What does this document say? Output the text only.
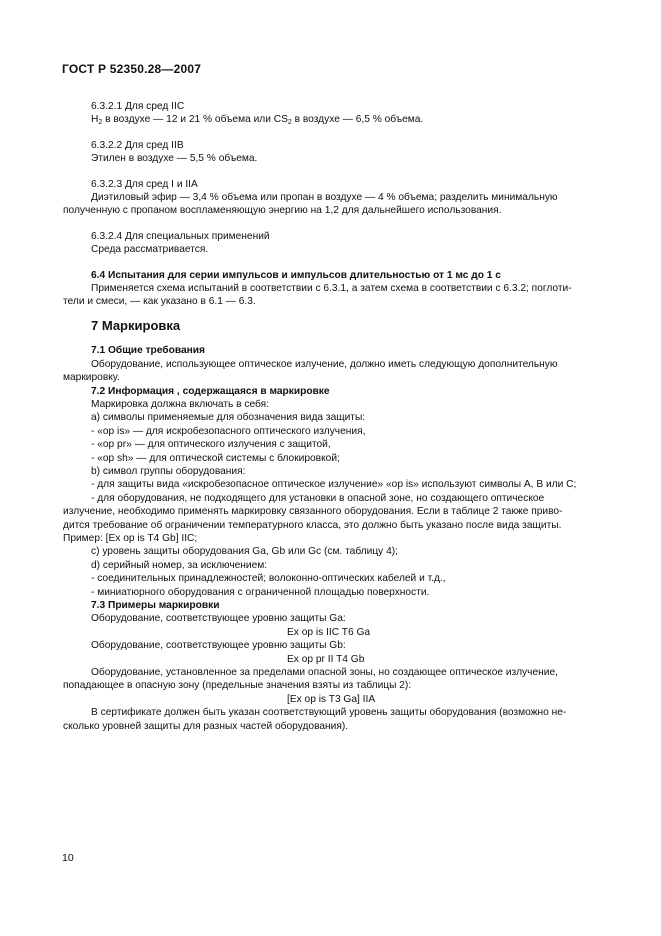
ГОСТ Р 52350.28—2007

6.3.2.1 Для сред IIC

$H_2$ в воздухе — 12 и 21 % объема или $CS_2$ в воздухе — 6,5 % объема.

6.3.2.2 Для сред IIB

Этилен в воздухе — 5,5 % объема.

6.3.2.3 Для сред I и IIA

Диэтиловый эфир — 3,4 % объема или пропан в воздухе — 4 % объема; разделить минимальную

полученную с пропаном воспламеняющую энергию на 1,2 для дальнейшего использования.

6.3.2.4 Для специальных применений

Среда рассматривается.

6.4 Испытания для серии импульсов и импульсов длительностью от 1 мс до 1 с

Применяется схема испытаний в соответствии с 6.3.1, а затем схема в соответствии с 6.3.2; поглоти-

тели и смеси, — как указано в 6.1 — 6.3.

7 Маркировка

7.1 Общие требования

Оборудование, использующее оптическое излучение, должно иметь следующую дополнительную

маркировку.

7.2 Информация , содержащаяся в маркировке

Маркировка должна включать в себя:

а) символы применяемые для обозначения вида защиты:

- «op is» — для искробезопасного оптического излучения,

- «op pr» — для оптического излучения с защитой,

- «op sh» — для оптической системы с блокировкой;

b) символ группы оборудования:

- для защиты вида «искробезопасное оптическое излучение» «op is» используют символы А, В или С;

- для оборудования, не подходящего для установки в опасной зоне, но создающего оптическое

излучение, необходимо применять маркировку связанного оборудования. Если в таблице 2 также приво-

дится требование об ограничении температурного класса, это должно быть указано после вида защиты.

Пример: [Ex op is T4 Gb] IIC;

с) уровень защиты оборудования Ga, Gb или Gc (см. таблицу 4);

d) серийный номер, за исключением:

- соединительных принадлежностей; волоконно-оптических кабелей и т.д.,

- миниатюрного оборудования с ограниченной площадью поверхности.

7.3 Примеры маркировки

Оборудование, соответствующее уровню защиты Ga:

Ex op is IIC T6 Ga

Оборудование, соответствующее уровню защиты Gb:

Ex op pr II T4 Gb

Оборудование, установленное за пределами опасной зоны, но создающее оптическое излучение,

попадающее в опасную зону (предельные значения взяты из таблицы 2):

[Ex op is T3 Ga] IIA

В сертификате должен быть указан соответствующий уровень защиты оборудования (возможно не-

сколько уровней защиты для разных частей оборудования).

10
